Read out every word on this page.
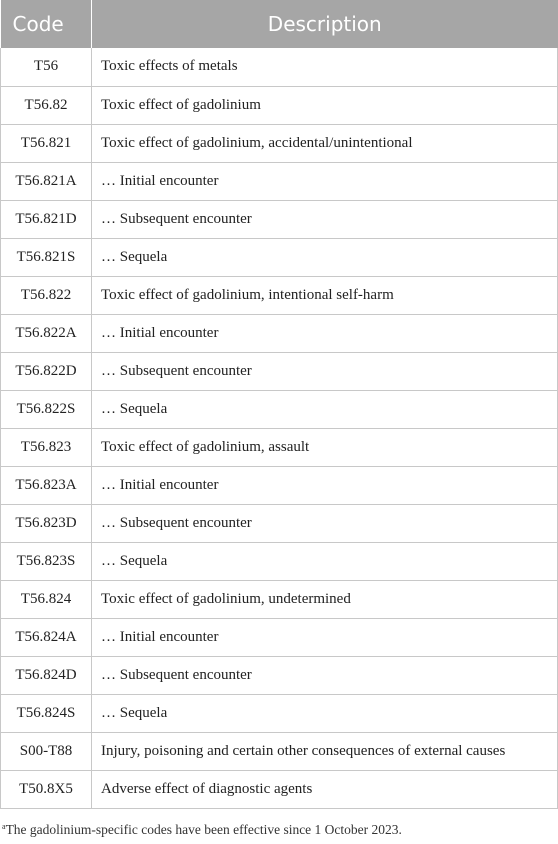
Code	Description
T56	Toxic effects of metals
T56.82	Toxic effect of gadolinium
T56.821	Toxic effect of gadolinium, accidental/unintentional
T56.821A	… Initial encounter
T56.821D	… Subsequent encounter
T56.821S	… Sequela
T56.822	Toxic effect of gadolinium, intentional self-harm
T56.822A	… Initial encounter
T56.822D	… Subsequent encounter
T56.822S	… Sequela
T56.823	Toxic effect of gadolinium, assault
T56.823A	… Initial encounter
T56.823D	… Subsequent encounter
T56.823S	… Sequela
T56.824	Toxic effect of gadolinium, undetermined
T56.824A	… Initial encounter
T56.824D	… Subsequent encounter
T56.824S	… Sequela
S00-T88	Injury, poisoning and certain other consequences of external causes
T50.8X5	Adverse effect of diagnostic agents
$^a$The gadolinium-specific codes have been effective since 1 October 2023.
